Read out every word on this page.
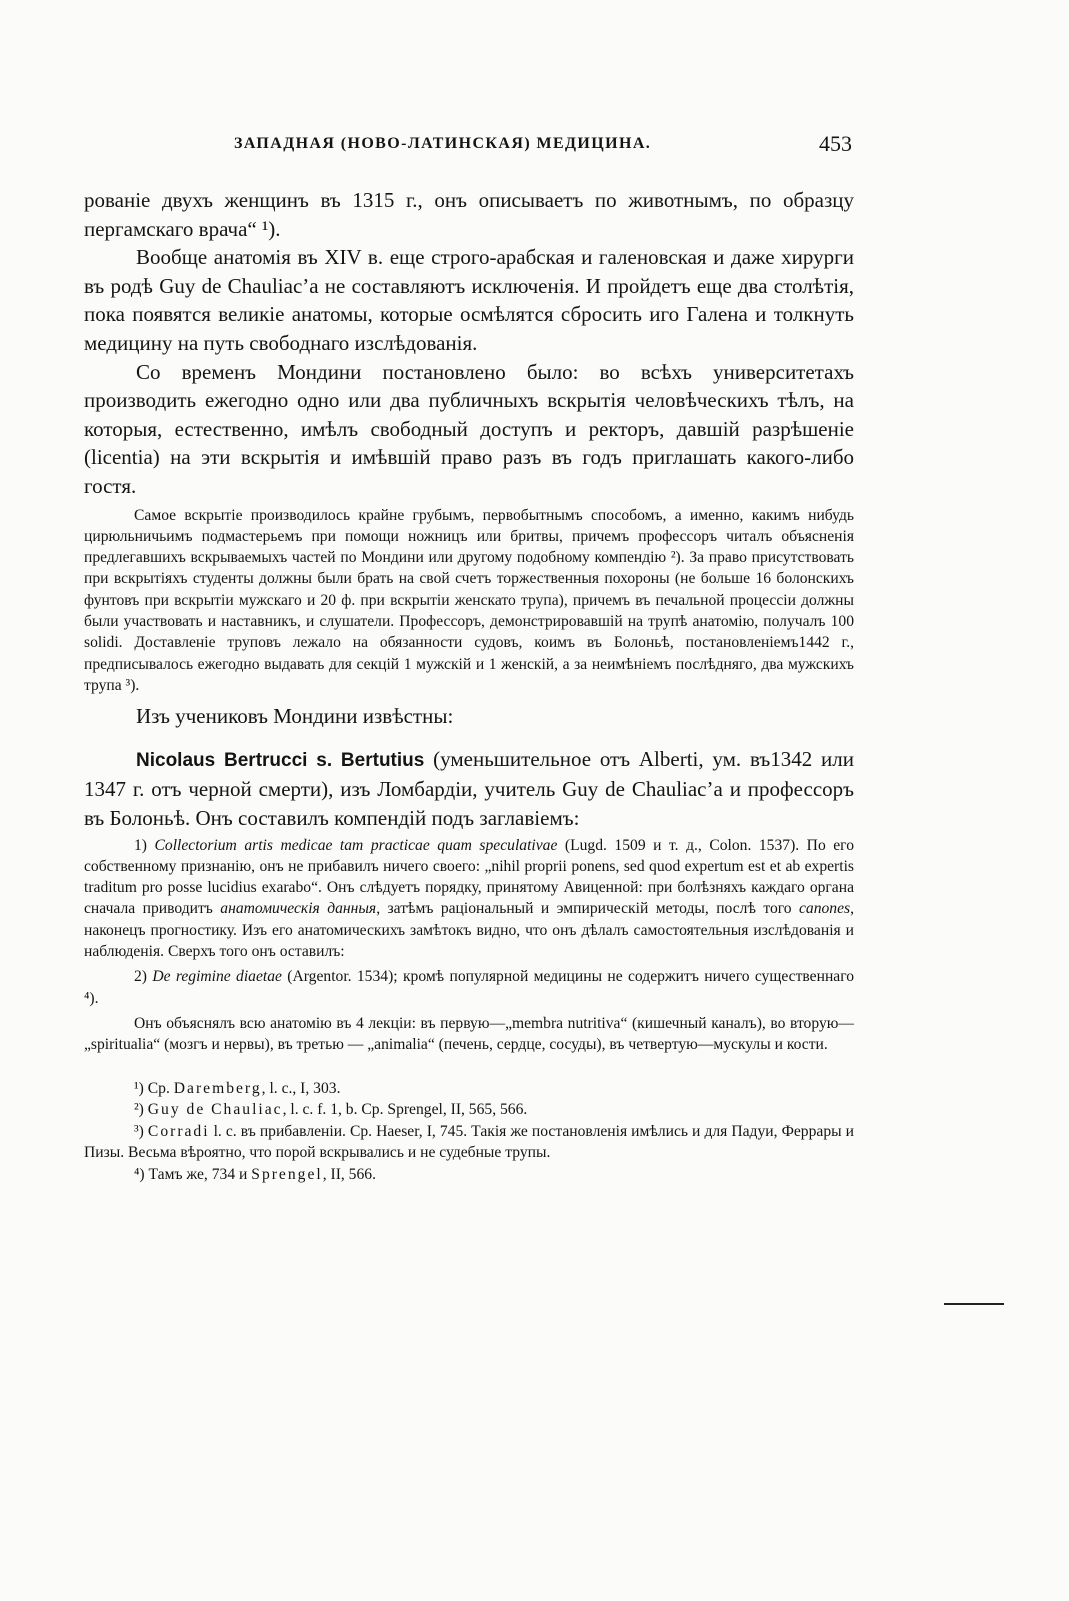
ЗАПАДНАЯ (НОВО-ЛАТИНСКАЯ) МЕДИЦИНА.	453

рованіе двухъ женщинъ въ 1315 г., онъ описываетъ по животнымъ, по образцу пергамскаго врача“ ¹).

Вообще анатомія въ XIV в. еще строго-арабская и галеновская и даже хирурги въ родѣ Guy de Chauliac’а не составляютъ исключенія. И пройдетъ еще два столѣтія, пока появятся великіе анатомы, которые осмѣлятся сбросить иго Галена и толкнуть медицину на путь свободнаго изслѣдованія.

Со временъ Мондини постановлено было: во всѣхъ университетахъ производить ежегодно одно или два публичныхъ вскрытія человѣческихъ тѣлъ, на которыя, естественно, имѣлъ свободный доступъ и ректоръ, давшій разрѣшеніе (licentia) на эти вскрытія и имѣвшій право разъ въ годъ приглашать какого-либо гостя.

Самое вскрытіе производилось крайне грубымъ, первобытнымъ способомъ, а именно, какимъ нибудь цирюльничьимъ подмастерьемъ при помощи ножницъ или бритвы, причемъ профессоръ читалъ объясненія предлегавшихъ вскрываемыхъ частей по Мондини или другому подобному компендію ²). За право присутствовать при вскрытіяхъ студенты должны были брать на свой счетъ торжественныя похороны (не больше 16 болонскихъ фунтовъ при вскрытіи мужскаго и 20 ф. при вскрытіи женскато трупа), причемъ въ печальной процессіи должны были участвовать и наставникъ, и слушатели. Профессоръ, демонстрировавшій на трупѣ анатомію, получалъ 100 solidi. Доставленіе труповъ лежало на обязанности судовъ, коимъ въ Болоньѣ, постановленіемъ1442 г., предписывалось ежегодно выдавать для секцій 1 мужскій и 1 женскій, а за неимѣніемъ послѣдняго, два мужскихъ трупа ³).

Изъ учениковъ Мондини извѣстны:

Nicolaus Bertrucci s. Bertutius (уменьшительное отъ Alberti, ум. въ1342 или 1347 г. отъ черной смерти), изъ Ломбардіи, учитель Guy de Chauliac’а и профессоръ въ Болоньѣ. Онъ составилъ компендій подъ заглавіемъ:

1) Collectorium artis medicae tam practicae quam speculativae (Lugd. 1509 и т. д., Colon. 1537). По его собственному признанію, онъ не прибавилъ ничего своего: „nihil proprii ponens, sed quod expertum est et ab expertis traditum pro posse lucidius exarabo“. Онъ слѣдуетъ порядку, принятому Авиценной: при болѣзняхъ каждаго органа сначала приводитъ анатомическія данныя, затѣмъ раціональный и эмпирическій методы, послѣ того canones, наконецъ прогностику. Изъ его анатомическихъ замѣтокъ видно, что онъ дѣлалъ самостоятельныя изслѣдованія и наблюденія. Сверхъ того онъ оставилъ:

2) De regimine diaetae (Argentor. 1534); кромѣ популярной медицины не содержитъ ничего существеннаго ⁴).

Онъ объяснялъ всю анатомію въ 4 лекціи: въ первую—„membra nutritiva“ (кишечный каналъ), во вторую—„spiritualia“ (мозгъ и нервы), въ третью — „animalia“ (печень, сердце, сосуды), въ четвертую—мускулы и кости.

¹) Cp. Daremberg, l. c., I, 303.

²) Guy de Chauliac, l. c. f. 1, b. Cp. Sprengel, II, 565, 566.

³) Corradi l. c. въ прибавленіи. Cp. Haeser, I, 745. Такія же постановленія имѣлись и для Падуи, Феррары и Пизы. Весьма вѣроятно, что порой вскрывались и не судебные трупы.

⁴) Тамъ же, 734 и Sprengel, II, 566.
